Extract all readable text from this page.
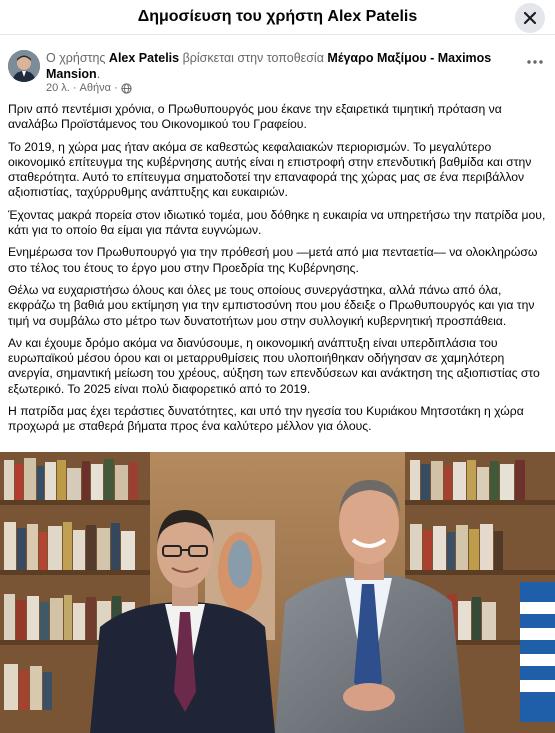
Δημοσίευση του χρήστη Alex Patelis
Ο χρήστης Alex Patelis βρίσκεται στην τοποθεσία Μέγαρο Μαξίμου - Maximos Mansion.
20 λ. · Αθήνα ·

Πριν από πεντέμισι χρόνια, ο Πρωθυπουργός μου έκανε την εξαιρετικά τιμητική πρόταση να αναλάβω Προϊστάμενος του Οικονομικού του Γραφείου.

Το 2019, η χώρα μας ήταν ακόμα σε καθεστώς κεφαλαιακών περιορισμών. Το μεγαλύτερο οικονομικό επίτευγμα της κυβέρνησης αυτής είναι η επιστροφή στην επενδυτική βαθμίδα και στην σταθερότητα. Αυτό το επίτευγμα σηματοδοτεί την επαναφορά της χώρας μας σε ένα περιβάλλον αξιοπιστίας, ταχύρρυθμης ανάπτυξης και ευκαιριών.

Έχοντας μακρά πορεία στον ιδιωτικό τομέα, μου δόθηκε η ευκαιρία να υπηρετήσω την πατρίδα μου, κάτι για το οποίο θα είμαι για πάντα ευγνώμων.

Ενημέρωσα τον Πρωθυπουργό για την πρόθεσή μου —μετά από μια πενταετία— να ολοκληρώσω στο τέλος του έτους το έργο μου στην Προεδρία της Κυβέρνησης.

Θέλω να ευχαριστήσω όλους και όλες με τους οποίους συνεργάστηκα, αλλά πάνω από όλα, εκφράζω τη βαθιά μου εκτίμηση για την εμπιστοσύνη που μου έδειξε ο Πρωθυπουργός και για την τιμή να συμβάλω στο μέτρο των δυνατοτήτων μου στην συλλογική κυβερνητική προσπάθεια.

Αν και έχουμε δρόμο ακόμα να διανύσουμε, η οικονομική ανάπτυξη είναι υπερδιπλάσια του ευρωπαϊκού μέσου όρου και οι μεταρρυθμίσεις που υλοποιήθηκαν οδήγησαν σε χαμηλότερη ανεργία, σημαντική μείωση του χρέους, αύξηση των επενδύσεων και ανάκτηση της αξιοπιστίας στο εξωτερικό. Το 2025 είναι πολύ διαφορετικό από το 2019.

Η πατρίδα μας έχει τεράστιες δυνατότητες, και υπό την ηγεσία του Κυριάκου Μητσοτάκη η χώρα προχωρά με σταθερά βήματα προς ένα καλύτερο μέλλον για όλους.
